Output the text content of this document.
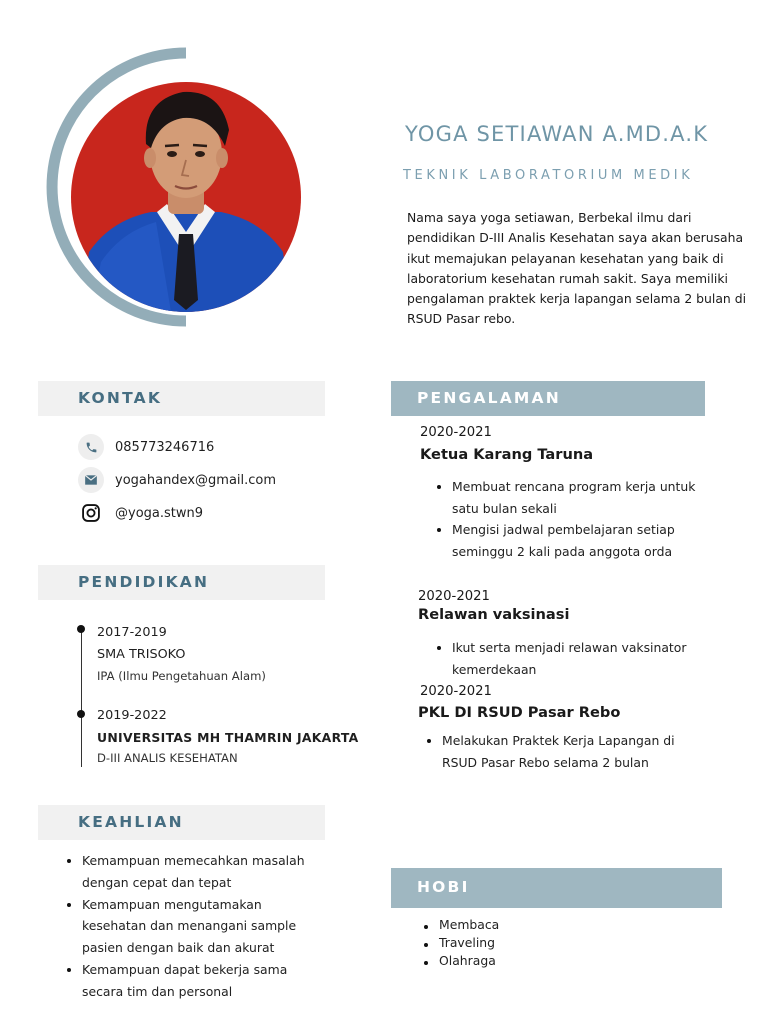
YOGA SETIAWAN A.MD.A.K
TEKNIK LABORATORIUM MEDIK
Nama saya yoga setiawan, Berbekal ilmu dari pendidikan D-III Analis Kesehatan saya akan berusaha ikut memajukan pelayanan kesehatan yang baik di laboratorium kesehatan rumah sakit. Saya memiliki pengalaman praktek kerja lapangan selama 2 bulan di RSUD Pasar rebo.
KONTAK
085773246716
yogahandex@gmail.com
@yoga.stwn9
PENDIDIKAN
2017-2019
SMA TRISOKO
IPA (Ilmu Pengetahuan Alam)
2019-2022
UNIVERSITAS MH THAMRIN JAKARTA
D-III ANALIS KESEHATAN
KEAHLIAN
Kemampuan memecahkan masalah dengan cepat dan tepat
Kemampuan mengutamakan kesehatan dan menangani sample pasien dengan baik dan akurat
Kemampuan dapat bekerja sama secara tim dan personal
PENGALAMAN
2020-2021
Ketua Karang Taruna
Membuat rencana program kerja untuk satu bulan sekali
Mengisi jadwal pembelajaran setiap seminggu 2 kali pada anggota orda
2020-2021
Relawan vaksinasi
Ikut serta menjadi relawan vaksinator kemerdekaan
2020-2021
PKL DI RSUD Pasar Rebo
Melakukan Praktek Kerja Lapangan di RSUD Pasar Rebo selama 2 bulan
HOBI
Membaca
Traveling
Olahraga
